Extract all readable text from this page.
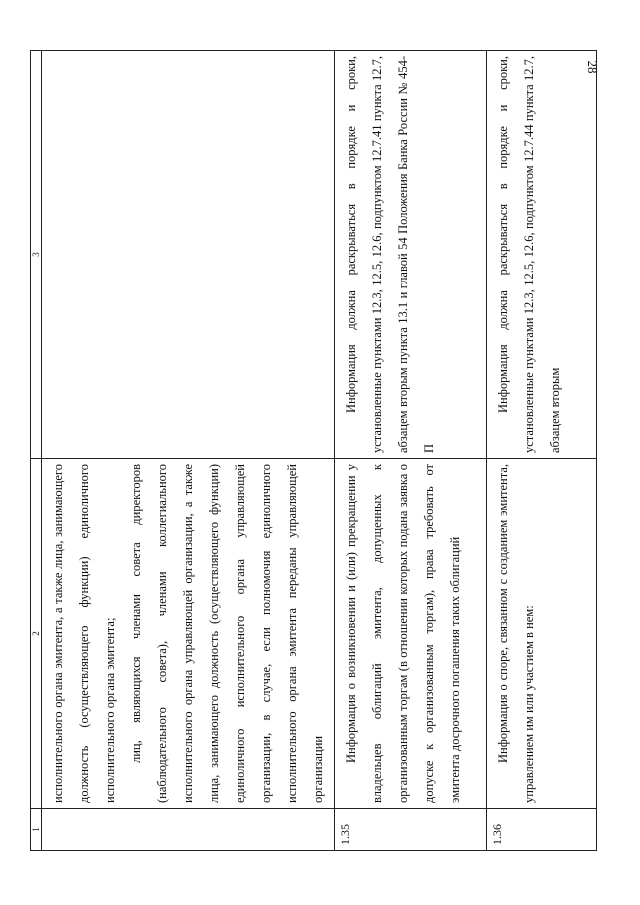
28
1	2	3

	исполнительного органа эмитента, а также лица, занимающего должность (осуществляющего функции) единоличного исполнительного органа эмитента; лиц, являющихся членами совета директоров (наблюдательного совета), членами коллегиального исполнительного органа управляющей организации, а также лица, занимающего должность (осуществляющего функции) единоличного исполнительного органа управляющей организации, в случае, если полномочия единоличного исполнительного органа эмитента переданы управляющей организации	

1.35	Информация о возникновении и (или) прекращении у владельцев облигаций эмитента, допущенных к организованным торгам (в отношении которых подана заявка о допуске к организованным торгам), права требовать от эмитента досрочного погашения таких облигаций	Информация должна раскрываться в порядке и сроки, установленные пунктами 12.3, 12.5, 12.6, подпунктом 12.7.41 пункта 12.7, абзацем вторым пункта 13.1 и главой 54 Положения Банка России № 454-П
1.36	Информация о споре, связанном с созданием эмитента, управлением им или участием в нем:	Информация должна раскрываться в порядке и сроки, установленные пунктами 12.3, 12.5, 12.6, подпунктом 12.7.44 пункта 12.7, абзацем вторым
